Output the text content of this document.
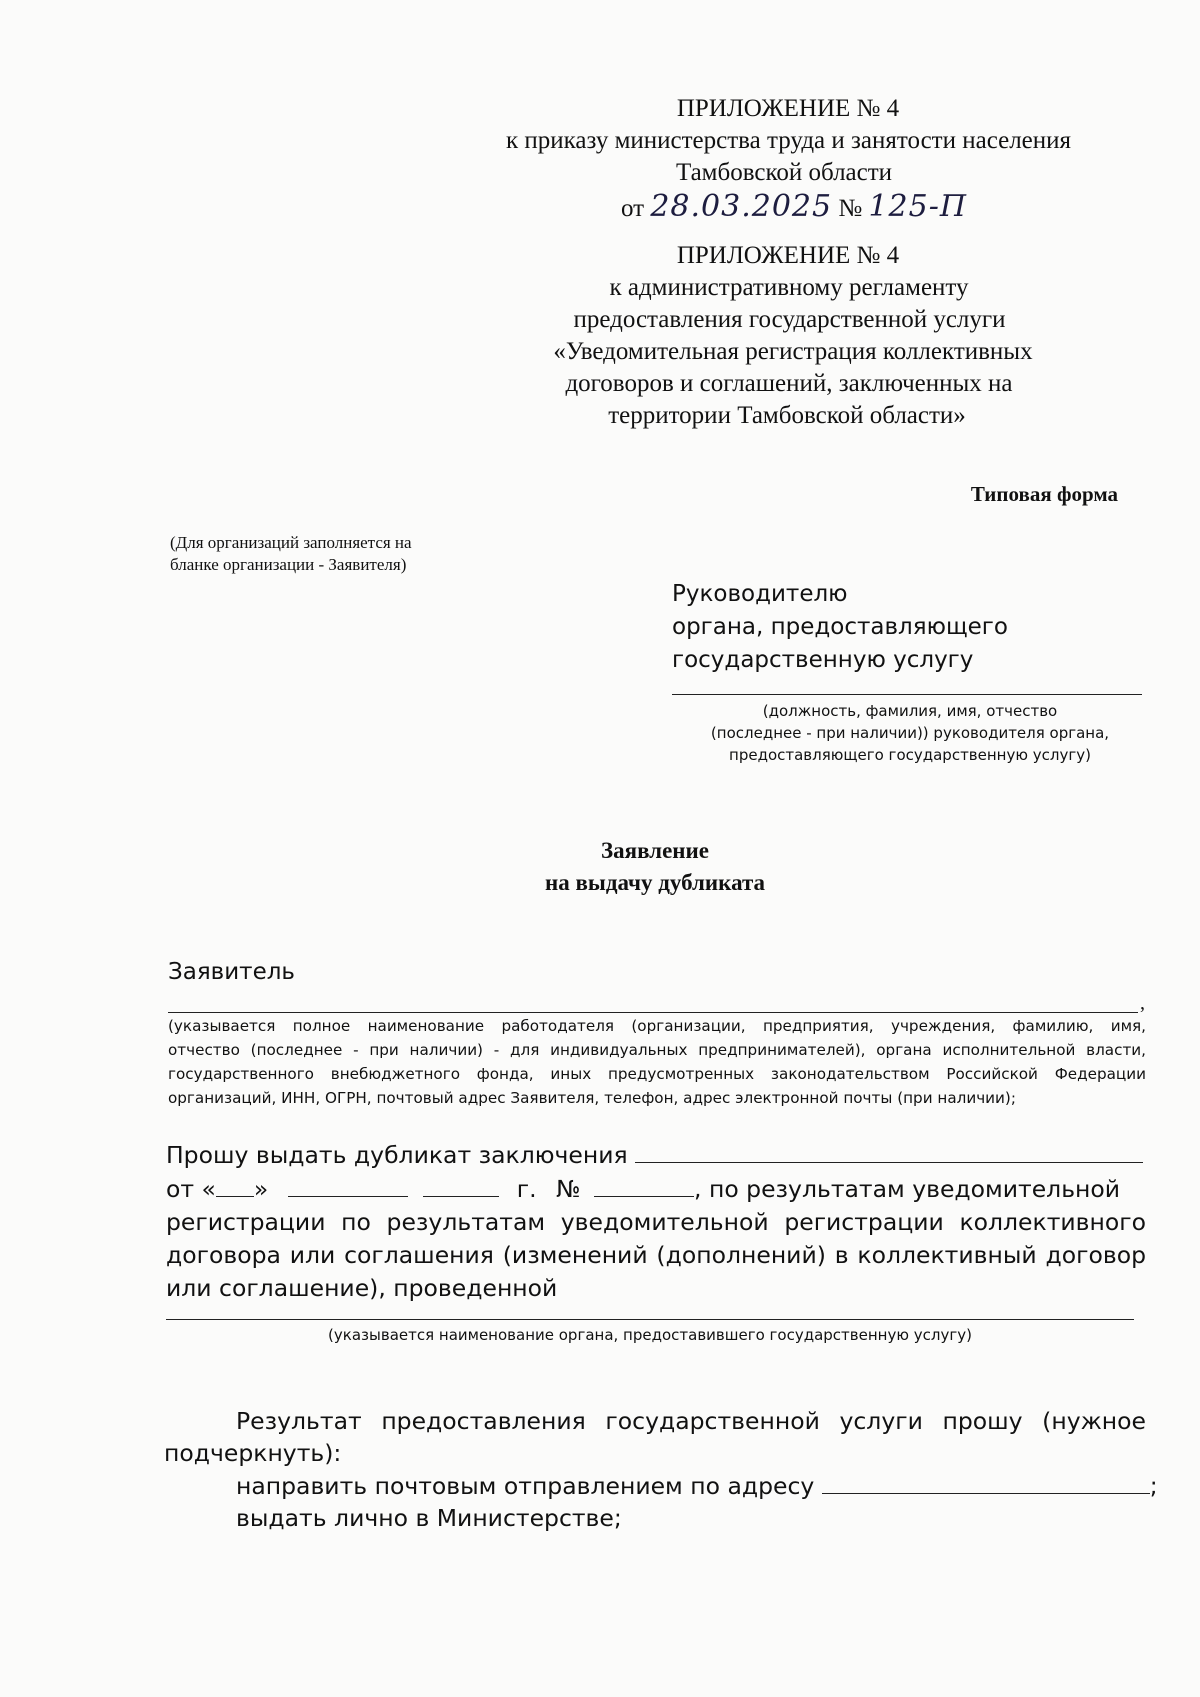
ПРИЛОЖЕНИЕ № 4
к приказу министерства труда и занятости населения
Тамбовской области
от 28.03.2025 № 125-П
ПРИЛОЖЕНИЕ № 4
к административному регламенту
предоставления государственной услуги
«Уведомительная регистрация коллективных
договоров и соглашений, заключенных на
территории Тамбовской области»
Типовая форма
(Для организаций заполняется на
бланке организации - Заявителя)
Руководителю
органа, предоставляющего
государственную услугу
(должность, фамилия, имя, отчество
(последнее - при наличии)) руководителя органа,
предоставляющего государственную услугу)
Заявление
на выдачу дубликата
Заявитель
,
(указывается полное наименование работодателя (организации, предприятия, учреждения, фамилию, имя,
отчество (последнее - при наличии) - для индивидуальных предпринимателей), органа исполнительной власти,
государственного внебюджетного фонда, иных предусмотренных законодательством Российской Федерации
организаций, ИНН, ОГРН, почтовый адрес Заявителя, телефон, адрес электронной почты (при наличии);
Прошу выдать дубликат заключения
от « »	г. №	, по результатам уведомительной
регистрации по результатам уведомительной регистрации коллективного
договора или соглашения (изменений (дополнений) в коллективный договор
или соглашение), проведенной
(указывается наименование органа, предоставившего государственную услугу)
Результат предоставления государственной услуги прошу (нужное
подчеркнуть):
направить почтовым отправлением по адресу	;
выдать лично в Министерстве;
